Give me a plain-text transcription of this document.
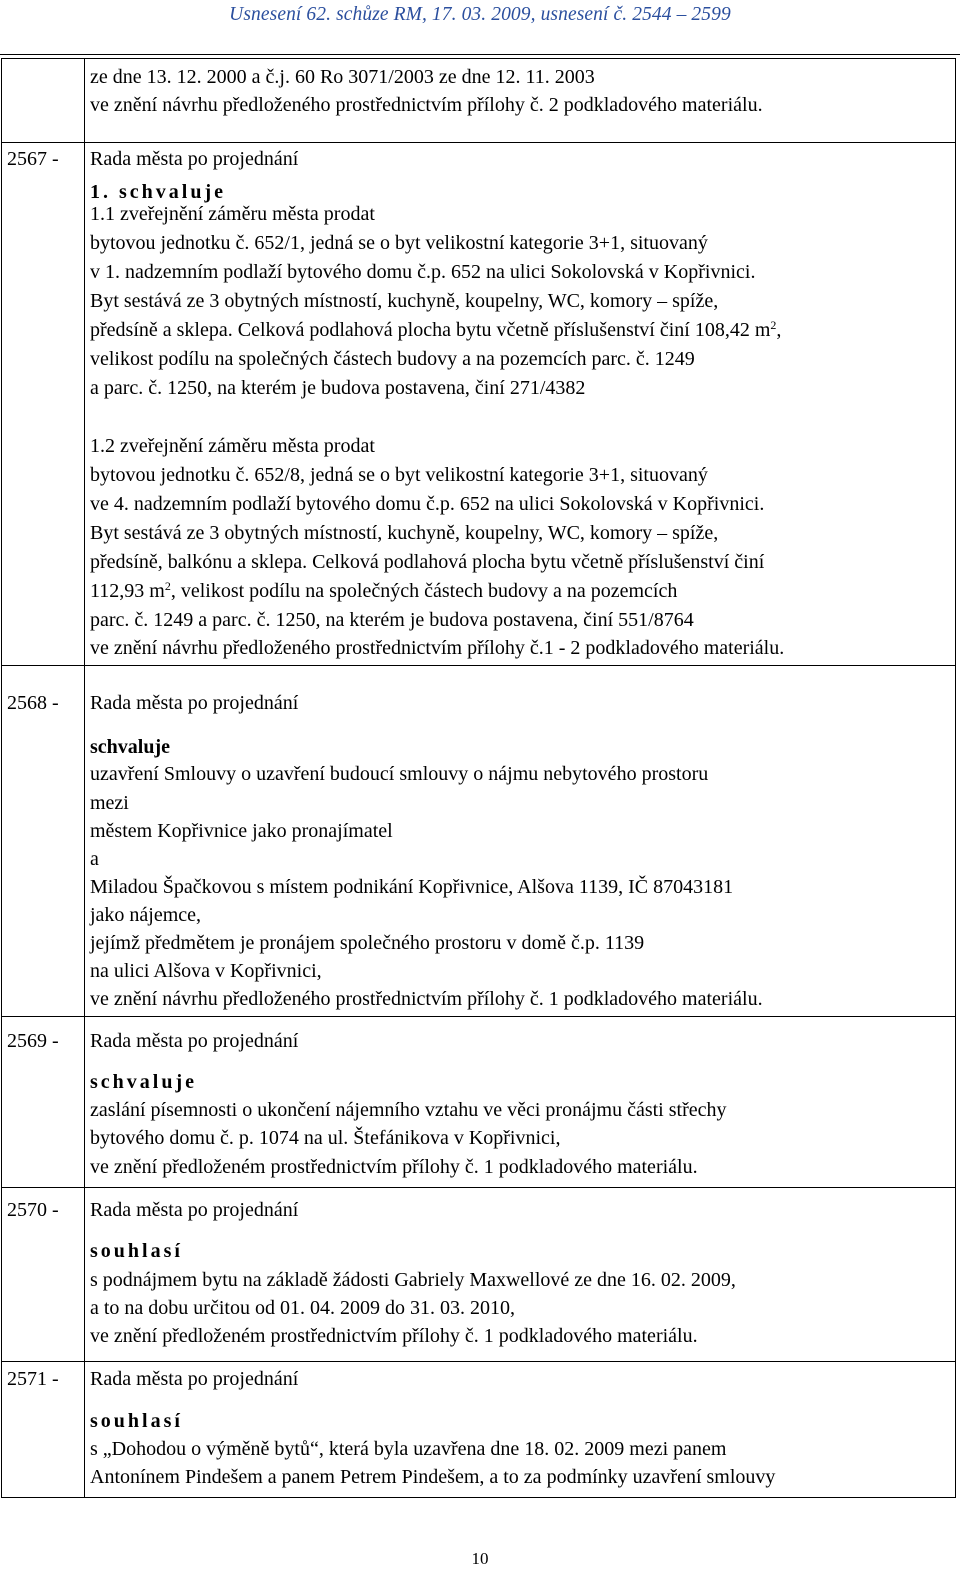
Usnesení 62. schůze RM, 17. 03. 2009, usnesení č. 2544 – 2599
ze dne 13. 12. 2000 a č.j. 60 Ro 3071/2003 ze dne 12. 11. 2003
ve znění návrhu předloženého prostřednictvím přílohy č. 2 podkladového materiálu.
2567 - Rada města po projednání
1. schvaluje
1.1 zveřejnění záměru města prodat
bytovou jednotku č. 652/1, jedná se o byt velikostní kategorie 3+1, situovaný
v 1. nadzemním podlaží bytového domu č.p. 652 na ulici Sokolovská v Kopřivnici.
Byt sestává ze 3 obytných místností, kuchyně, koupelny, WC, komory – spíže,
předsíně a sklepa. Celková podlahová plocha bytu včetně příslušenství činí 108,42 $m^2$,
velikost podílu na společných částech budovy a na pozemcích parc. č. 1249
a parc. č. 1250, na kterém je budova postavena, činí 271/4382
1.2 zveřejnění záměru města prodat
bytovou jednotku č. 652/8, jedná se o byt velikostní kategorie 3+1, situovaný
ve 4. nadzemním podlaží bytového domu č.p. 652 na ulici Sokolovská v Kopřivnici.
Byt sestává ze 3 obytných místností, kuchyně, koupelny, WC, komory – spíže,
předsíně, balkónu a sklepa. Celková podlahová plocha bytu včetně příslušenství činí
112,93 $m^2$, velikost podílu na společných částech budovy a na pozemcích
parc. č. 1249 a parc. č. 1250, na kterém je budova postavena, činí 551/8764
ve znění návrhu předloženého prostřednictvím přílohy č.1 - 2 podkladového materiálu.
2568 - Rada města po projednání
schvaluje
uzavření Smlouvy o uzavření budoucí smlouvy o nájmu nebytového prostoru
mezi
městem Kopřivnice jako pronajímatel
a
Miladou Špačkovou s místem podnikání Kopřivnice, Alšova 1139, IČ 87043181
jako nájemce,
jejímž předmětem je pronájem společného prostoru v domě č.p. 1139
na ulici Alšova v Kopřivnici,
ve znění návrhu předloženého prostřednictvím přílohy č. 1 podkladového materiálu.
2569 - Rada města po projednání
schvaluje
zaslání písemnosti o ukončení nájemního vztahu ve věci pronájmu části střechy
bytového domu č. p. 1074 na ul. Štefánikova v Kopřivnici,
ve znění předloženém prostřednictvím přílohy č. 1 podkladového materiálu.
2570 - Rada města po projednání
souhlasí
s podnájmem bytu na základě žádosti Gabriely Maxwellové ze dne 16. 02. 2009,
a to na dobu určitou od 01. 04. 2009 do 31. 03. 2010,
ve znění předloženém prostřednictvím přílohy č. 1 podkladového materiálu.
2571 - Rada města po projednání
souhlasí
s „Dohodou o výměně bytů“, která byla uzavřena dne 18. 02. 2009 mezi panem
Antonínem Pindešem a panem Petrem Pindešem, a to za podmínky uzavření smlouvy
10
